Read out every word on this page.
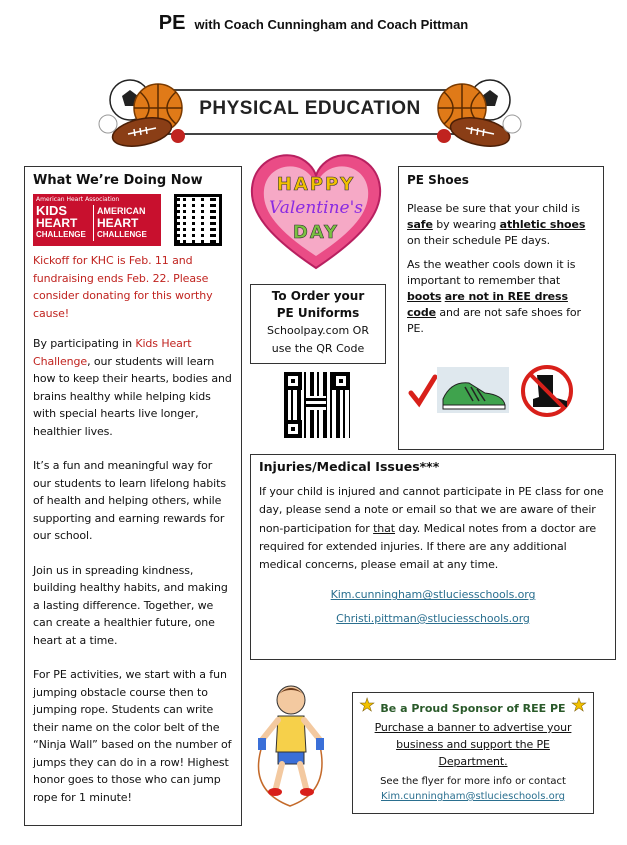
PE with Coach Cunningham and Coach Pittman
PHYSICAL EDUCATION
What We’re Doing Now
American Heart Association
KIDS
HEART
CHALLENGE
AMERICAN
HEART
CHALLENGE

Kickoff for KHC is Feb. 11 and fundraising ends Feb. 22. Please consider donating for this worthy cause!

By participating in Kids Heart Challenge, our students will learn how to keep their hearts, bodies and brains healthy while helping kids with special hearts live longer, healthier lives.

It’s a fun and meaningful way for our students to learn lifelong habits of health and helping others, while supporting and earning rewards for our school.

Join us in spreading kindness, building healthy habits, and making a lasting difference. Together, we can create a healthier future, one heart at a time.

For PE activities, we start with a fun jumping obstacle course then to jumping rope. Students can write their name on the color belt of the “Ninja Wall” based on the number of jumps they can do in a row! Highest honor goes to those who can jump rope for 1 minute!

HAPPY
Valentine's
DAY
To Order your
PE Uniforms
Schoolpay.com OR
use the QR Code
PE Shoes

Please be sure that your child is safe by wearing athletic shoes on their schedule PE days.

As the weather cools down it is important to remember that boots are not in REE dress code and are not safe shoes for PE.

Injuries/Medical Issues***

If your child is injured and cannot participate in PE class for one day, please send a note or email so that we are aware of their non-participation for that day. Medical notes from a doctor are required for extended injuries. If there are any additional medical concerns, please email at any time.

Kim.cunningham@stluciesschools.org
Christi.pittman@stluciesschools.org
★ Be a Proud Sponsor of REE PE ★

Purchase a banner to advertise your business and support the PE Department.

See the flyer for more info or contact

Kim.cunningham@stlucieschools.org
